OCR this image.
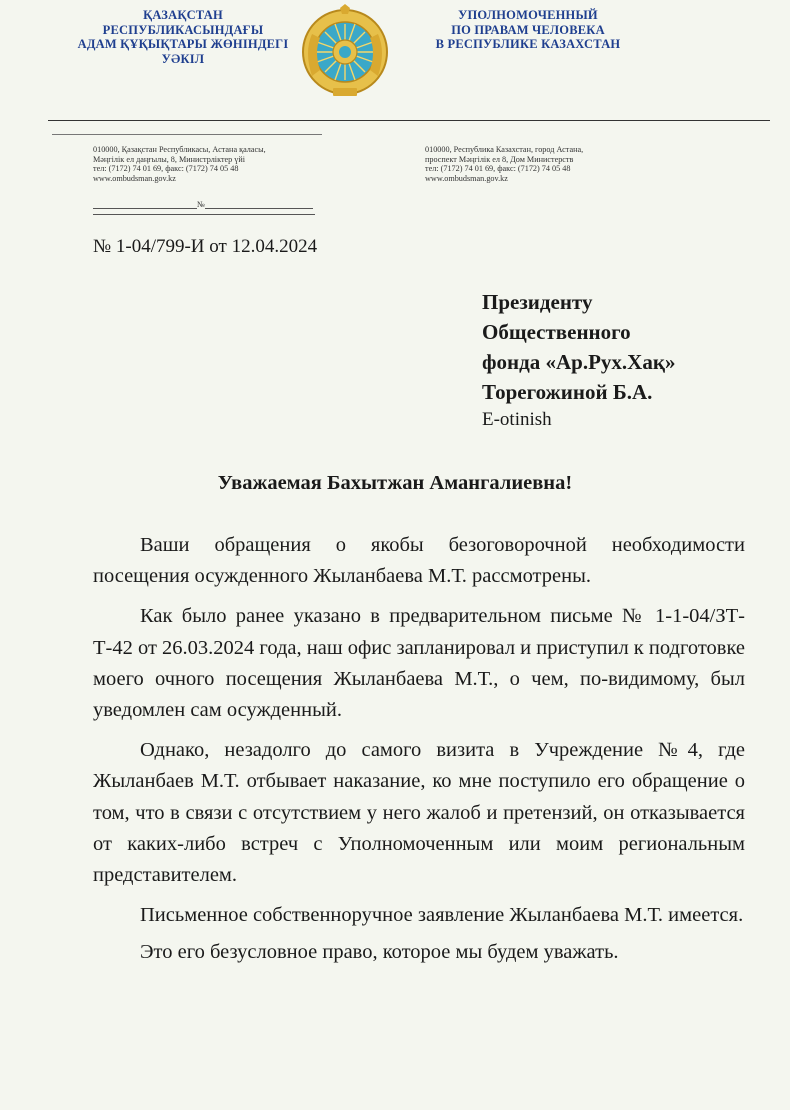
ҚАЗАҚСТАН
РЕСПУБЛИКАСЫНДАҒЫ
АДАМ ҚҰҚЫҚТАРЫ ЖӨНІНДЕГІ
УӘКІЛ
УПОЛНОМОЧЕННЫЙ
ПО ПРАВАМ ЧЕЛОВЕКА
В РЕСПУБЛИКЕ КАЗАХСТАН
010000, Қазақстан Республикасы, Астана қаласы,
Мәңгілік ел даңғылы, 8, Министрліктер үйі
тел: (7172) 74 01 69, факс: (7172) 74 05 48
www.ombudsman.gov.kz
010000, Республика Казахстан, город Астана,
проспект Мәңгілік ел 8, Дом Министерств
тел: (7172) 74 01 69, факс: (7172) 74 05 48
www.ombudsman.gov.kz
№
№ 1-04/799-И от 12.04.2024
Президенту
Общественного
фонда «Ар.Рух.Хақ»
Торегожиной Б.А.
E-otinish
Уважаемая Бахытжан Амангалиевна!

Ваши обращения о якобы безоговорочной необходимости посещения осужденного Жыланбаева М.Т. рассмотрены.

Как было ранее указано в предварительном письме № 1-1-04/ЗТ-Т-42 от 26.03.2024 года, наш офис запланировал и приступил к подготовке моего очного посещения Жыланбаева М.Т., о чем, по-видимому, был уведомлен сам осужденный.

Однако, незадолго до самого визита в Учреждение №4, где Жыланбаев М.Т. отбывает наказание, ко мне поступило его обращение о том, что в связи с отсутствием у него жалоб и претензий, он отказывается от каких-либо встреч с Уполномоченным или моим региональным представителем.

Письменное собственноручное заявление Жыланбаева М.Т. имеется.

Это его безусловное право, которое мы будем уважать.
